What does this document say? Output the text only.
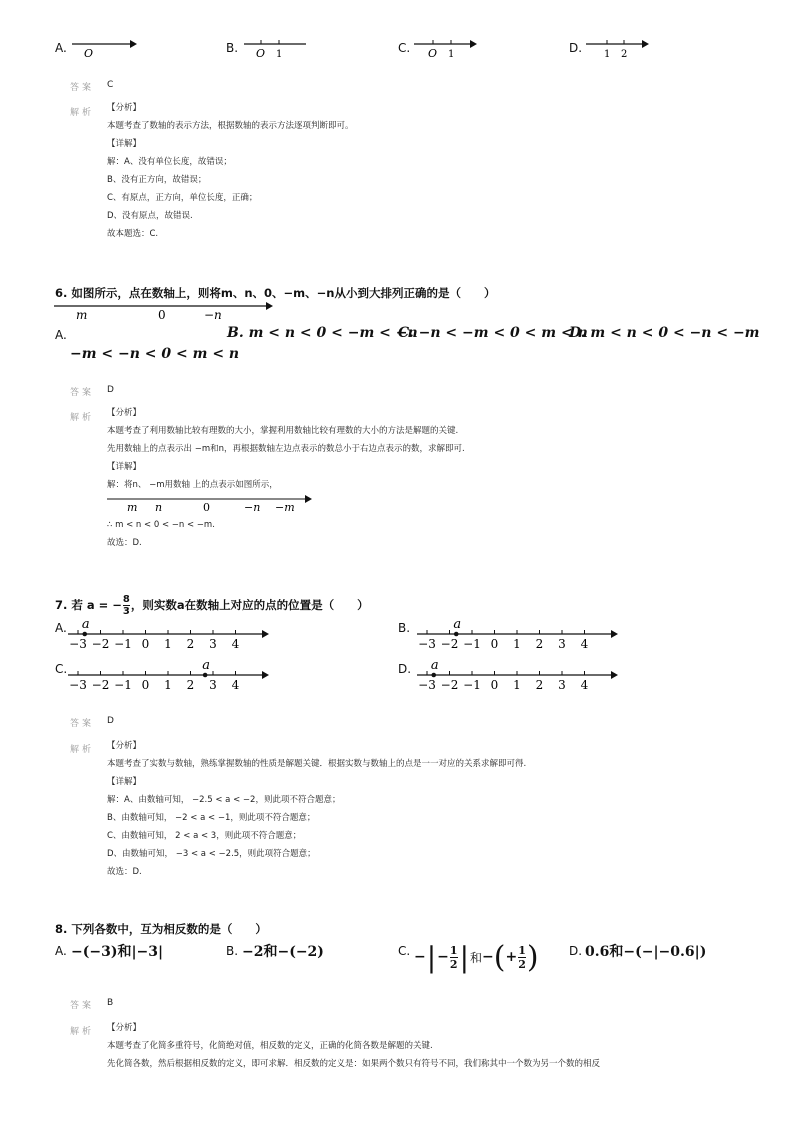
A. O	B. O 1	C. O 1	D. 1 2
答案 C
解析 【分析】
本题考查了数轴的表示方法，根据数轴的表示方法逐项判断即可。
【详解】
解：A、没有单位长度，故错误；
B、没有正方向，故错误；
C、有原点，正方向，单位长度，正确；
D、没有原点，故错误.
故本题选：C.
6. 如图所示，点在数轴上，则将m、n、0、−m、−n从小到大排列正确的是（　　）
m	0	−n
A.	B. m < n < 0 < −m < −n
C. −n < −m < 0 < m < n
D. m < n < 0 < −n < −m
−m < −n < 0 < m < n
答案 D
解析 【分析】
本题考查了利用数轴比较有理数的大小，掌握利用数轴比较有理数的大小的方法是解题的关键.
先用数轴上的点表示出 −m和n，再根据数轴左边点表示的数总小于右边点表示的数，求解即可.
【详解】
解：将n、 −m用数轴 上的点表示如图所示，
m n	0	−n −m
∴ m < n < 0 < −n < −m.
故选：D.
7. 若 a = − $\frac{8}{3}$ ，则实数a在数轴上对应的点的位置是（　　）
A.
−3 −2 −1 0 1 2 3 4
a	B.
−3 −2 −1 0 1 2 3 4
a
C.
−3 −2 −1 0 1 2 3 4
a	D.
−3 −2 −1 0 1 2 3 4
a
答案 D
解析 【分析】
本题考查了实数与数轴，熟练掌握数轴的性质是解题关键．根据实数与数轴上的点是一一对应的关系求解即可得.
【详解】
解：A、由数轴可知， −2.5 < a < −2，则此项不符合题意；
B、由数轴可知， −2 < a < −1，则此项不符合题意；
C、由数轴可知， 2 < a < 3，则此项不符合题意；
D、由数轴可知， −3 < a < −2.5，则此项符合题意；
故选：D.
8. 下列各数中，互为相反数的是（　　）
A. −(−3)和|−3|	B. −2和−(−2)	C. − | − $\frac{1}{2}$ | 和 − ( + $\frac{1}{2}$ )	D. 0.6和−(−|−0.6|)
答案 B
解析 【分析】
本题考查了化简多重符号，化简绝对值，相反数的定义，正确的化简各数是解题的关键.
先化简各数，然后根据相反数的定义，即可求解．相反数的定义是：如果两个数只有符号不同，我们称其中一个数为另一个数的相反
